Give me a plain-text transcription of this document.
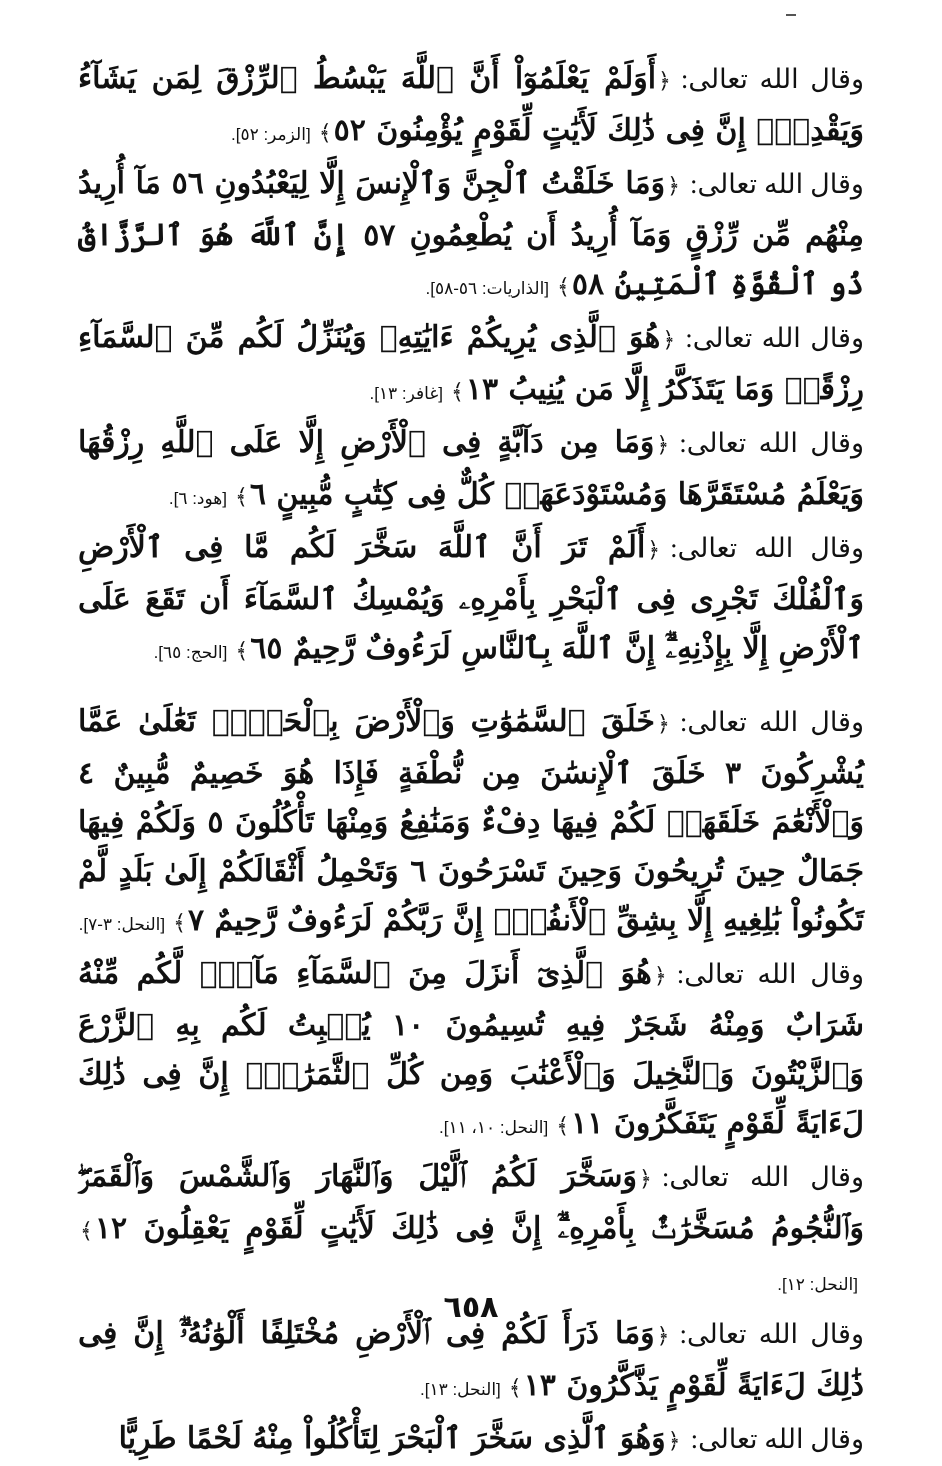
وقال الله تعالى:﴿أَوَلَمْ يَعْلَمُوٓاْ أَنَّ ٱللَّهَ يَبْسُطُ ٱلرِّزْقَ لِمَن يَشَآءُ وَيَقْدِرُۚ إِنَّ فِى ذَٰلِكَ لَأَيَٰتٍ لِّقَوْمٍ يُؤْمِنُونَ ٥٢﴾[الزمر: ٥٢].

وقال الله تعالى:﴿وَمَا خَلَقْتُ ٱلْجِنَّ وَٱلْإِنسَ إِلَّا لِيَعْبُدُونِ ٥٦ مَآ أُرِيدُ مِنْهُم مِّن رِّزْقٍ وَمَآ أُرِيدُ أَن يُطْعِمُونِ ٥٧ إِنَّ ٱللَّهَ هُوَ ٱلرَّزَّاقُ ذُو ٱلْقُوَّةِ ٱلْمَتِينُ ٥٨﴾[الذاريات: ٥٦-٥٨].

وقال الله تعالى:﴿هُوَ ٱلَّذِى يُرِيكُمْ ءَايَٰتِهِۦ وَيُنَزِّلُ لَكُم مِّنَ ٱلسَّمَآءِ رِزْقًاۚ وَمَا يَتَذَكَّرُ إِلَّا مَن يُنِيبُ ١٣﴾[غافر: ١٣].

وقال الله تعالى:﴿وَمَا مِن دَآبَّةٍ فِى ٱلْأَرْضِ إِلَّا عَلَى ٱللَّهِ رِزْقُهَا وَيَعْلَمُ مُسْتَقَرَّهَا وَمُسْتَوْدَعَهَاۚ كُلٌّ فِى كِتَٰبٍ مُّبِينٍ ٦﴾[هود: ٦].

وقال الله تعالى:﴿أَلَمْ تَرَ أَنَّ ٱللَّهَ سَخَّرَ لَكُم مَّا فِى ٱلْأَرْضِ وَٱلْفُلْكَ تَجْرِى فِى ٱلْبَحْرِ بِأَمْرِهِۦ وَيُمْسِكُ ٱلسَّمَآءَ أَن تَقَعَ عَلَى ٱلْأَرْضِ إِلَّا بِإِذْنِهِۦٓۗ إِنَّ ٱللَّهَ بِٱلنَّاسِ لَرَءُوفٌ رَّحِيمٌ ٦٥﴾[الحج: ٦٥].

وقال الله تعالى:﴿خَلَقَ ٱلسَّمَٰوَٰتِ وَٱلْأَرْضَ بِٱلْحَقِّۚ تَعَٰلَىٰ عَمَّا يُشْرِكُونَ ٣ خَلَقَ ٱلْإِنسَٰنَ مِن نُّطْفَةٍ فَإِذَا هُوَ خَصِيمٌ مُّبِينٌ ٤ وَٱلْأَنْعَٰمَ خَلَقَهَاۗ لَكُمْ فِيهَا دِفْءٌ وَمَنَٰفِعُ وَمِنْهَا تَأْكُلُونَ ٥ وَلَكُمْ فِيهَا جَمَالٌ حِينَ تُرِيحُونَ وَحِينَ تَسْرَحُونَ ٦ وَتَحْمِلُ أَثْقَالَكُمْ إِلَىٰ بَلَدٍ لَّمْ تَكُونُواْ بَٰلِغِيهِ إِلَّا بِشِقِّ ٱلْأَنفُسِۚ إِنَّ رَبَّكُمْ لَرَءُوفٌ رَّحِيمٌ ٧﴾[النحل: ٣-٧].

وقال الله تعالى:﴿هُوَ ٱلَّذِىٓ أَنزَلَ مِنَ ٱلسَّمَآءِ مَآءًۖ لَّكُم مِّنْهُ شَرَابٌ وَمِنْهُ شَجَرٌ فِيهِ تُسِيمُونَ ١٠ يُنۢبِتُ لَكُم بِهِ ٱلزَّرْعَ وَٱلزَّيْتُونَ وَٱلنَّخِيلَ وَٱلْأَعْنَٰبَ وَمِن كُلِّ ٱلثَّمَرَٰتِۚ إِنَّ فِى ذَٰلِكَ لَءَايَةً لِّقَوْمٍ يَتَفَكَّرُونَ ١١﴾[النحل: ١٠، ١١].

وقال الله تعالى:﴿وَسَخَّرَ لَكُمُ ٱلَّيْلَ وَٱلنَّهَارَ وَٱلشَّمْسَ وَٱلْقَمَرَۖ وَٱلنُّجُومُ مُسَخَّرَٰتٌۢ بِأَمْرِهِۦٓۗ إِنَّ فِى ذَٰلِكَ لَأَيَٰتٍ لِّقَوْمٍ يَعْقِلُونَ ١٢﴾[النحل: ١٢].

وقال الله تعالى:﴿وَمَا ذَرَأَ لَكُمْ فِى ٱلْأَرْضِ مُخْتَلِفًا أَلْوَٰنُهُۥٓۗ إِنَّ فِى ذَٰلِكَ لَءَايَةً لِّقَوْمٍ يَذَّكَّرُونَ ١٣﴾[النحل: ١٣].

وقال الله تعالى:﴿وَهُوَ ٱلَّذِى سَخَّرَ ٱلْبَحْرَ لِتَأْكُلُواْ مِنْهُ لَحْمًا طَرِيًّا

٦٥٨
